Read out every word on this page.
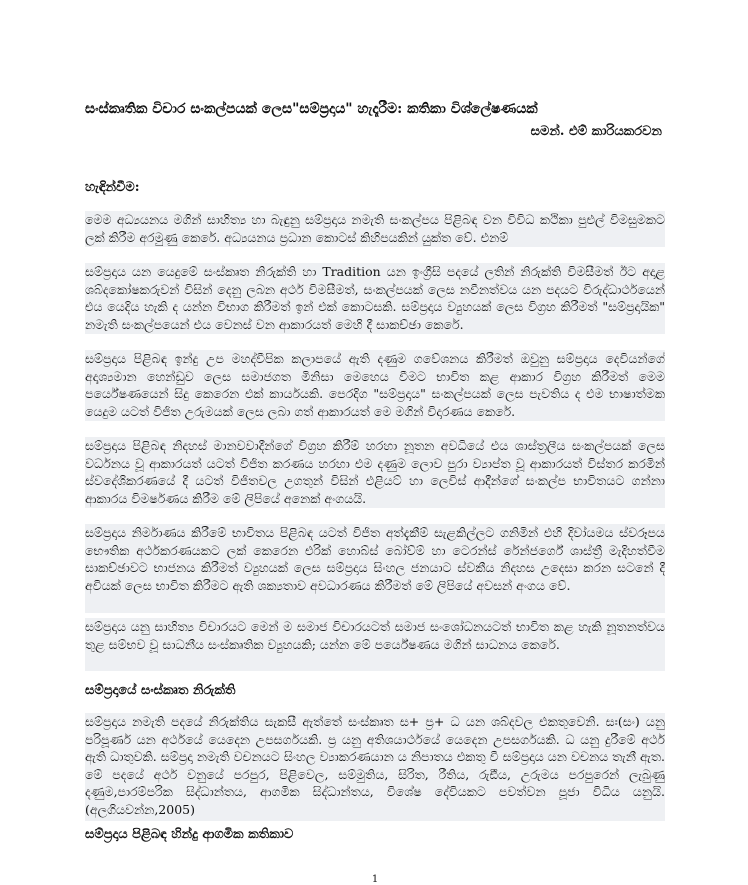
සංස්කෘතික විචාර සංකල්පයක් ලෙස"සම්ප්‍රදාය" හැදෑරීම: කතිකා විශ්ලේෂණයක්
සමන්. එම් කාරියකරවන
හැඳින්වීම:
මෙම අධ්‍යයනය මගින් සාහිත්‍ය හා බැඳුනු සම්ප්‍රදාය නමැති සංකල්පය පිළිබඳ වන විවිධ කථිකා පුළුල් විමසුමකට ලක් කිරීම අරමුණු කෙරේ. අධ්‍යයනය ප්‍රධාන කොටස් කිහිපයකින් යුක්ත වේ. එනම්
සම්ප්‍රදාය යන යෙදුමේ සංස්කෘත නිරුක්ති හා Tradition යන ඉංග්‍රීසි පදයේ ලතින් නිරුක්ති විමසීමත් ඊට අදාළ ශබ්දකෝෂකරුවන් විසින් දෙනු ලබන අර්ථ විමසීමත්, සංකල්පයක් ලෙස නවීනත්වය යන පදයට විරුද්ධාර්ථයෙන් එය යෙදිය හැකි ද යන්න විභාග කිරීමත් ඉන් එක් කොටසකි. සම්ප්‍රදාය ව්‍යුහයක් ලෙස විග්‍රහ කිරීමත් "සම්ප්‍රදායික" නමැති සංකල්පයෙන් එය වෙනස් වන ආකාරයත් මෙහි දී සාකච්ඡා කෙරේ.
සම්ප්‍රදාය පිළිබඳ ඉන්දු උප මහද්වීපික කලාපයේ ඇති දණුම ගවේශනය කිරීමත් ඔවුනු සම්ප්‍රදාය දෙවියන්ගේ අදෘශ්‍යමාන හෙන්ඩුව ලෙස සමාජගත මිනිසා මෙහෙය වීමට භාවිත කළ ආකාර විග්‍රහ කිරීමත් මෙම පර්යේෂණයෙන් සිදු කෙරෙන එක් කාර්යයකි. පෙරදිග "සම්ප්‍රදාය" සංකල්පයක් ලෙස පැවතිය ද එම භාෂාත්මක යෙදුම යටත් විජිත උරුමයක් ලෙස ලබා ගත් ආකාරයත් මෙ මගින් විදාරණය කෙරේ.
සම්ප්‍රදාය පිළිබඳ නිදහස් මානවවාදීන්ගේ විග්‍රහ කිරීම් හරහා නූතන අවධියේ එය ශාස්ත්‍රලීය සංකල්පයක් ලෙස වර්ධනය වූ ආකාරයත් යටත් විජිත කරණය හරහා එම දණුම ලොව පුරා ව්‍යාප්ත වූ ආකාරයත් විස්තර කරමින් ස්වදේශිකරණයේ දී යටත් විජිතවල උගතුන් විසින් එළියට් හා ලෙවිස් ආදීන්ගේ සංකල්ප භාවිතයට ගන්නා ආකාරය විමර්ෂණය කිරීම මේ ලිපියේ අනෙක් අංගයයි.
සම්ප්‍රදාය නිර්මාණය කිරීමේ භාවිතය පිළිබඳ යටත් විජිත අත්දැකීම් සැළකිල්ලට ගනිමින් එහි දිවා්‍යමය ස්වරූපය භෞතික අර්ථකරණයකට ලක් කෙරෙන එරික් හොබ්ස් බෝව්ම් හා ටෙරන්ස් රේන්ජර්ගේ ශාස්ත්‍රී මැදිහත්වීම සාකච්ඡාවට භාජනය කිරීමත් ව්‍යුහයක් ලෙස සම්ප්‍රදාය සිංහල ජනයාට ස්වකීය නිදහස උදෙසා කරන සටනේ දී අවියක් ලෙස භාවිත කිරීමට ඇති ශක්‍යතාව අවධාරණය කිරීමත් මේ ලිපියේ අවසන් අංගය වේ.
සම්ප්‍රදාය යනු සාහිත්‍ය විචාරයට මෙන් ම සමාජ විචාරයටත් සමාජ සංශෝධනයටත් භාවිත කළ හැකි නූතනත්වය තුළ සම්භව වූ සාධනීය සංස්කෘතික ව්‍යුහයකි; යන්න මේ පර්යේෂණය මගින් සාධනය කෙරේ.
සම්ප්‍රදායේ සංස්කෘත නිරුක්ති
සම්ප්‍රදාය නමැති පදයේ නිරුක්තිය සැකසී ඇත්තේ සංස්කෘත ස+ ප්‍ර+ ධ යන ශබ්දවල එකතුවෙනි. සඃ(සං) යනු පරිපූර්ණ යන අර්ථයේ යෙදෙන උපසර්ගයකි. ප්‍ර යනු අතිශයාර්ථයේ යෙදෙන උපසර්ගයකි. ධ යනු දුරීමේ අර්ථ ඇති ධාතුවකි. සම්ප්‍රදා නමැති වචනයට සිංහල ව්‍යාකරණයාන ය නිපාතය එකතු වී සම්ප්‍රදාය යන වචනය තැනී ඇත. මේ පදයේ අර්ථ වනුයේ පරපුර, පිළිවෙල, සම්මුතිය, සිරිත, රීතිය, රුඪිය, උරුමය පරපුරෙන් ලැබුණු දණුම,පාරම්පරික සිද්ධාන්තය, ආගමික සිද්ධාන්තය, විශේෂ දේවියකට පවත්වන පූජා විධිය යනුයි.(අලගියවන්න,2005)
සම්ප්‍රදාය පිළිබඳ හින්දු ආගමික කතිකාව
1
